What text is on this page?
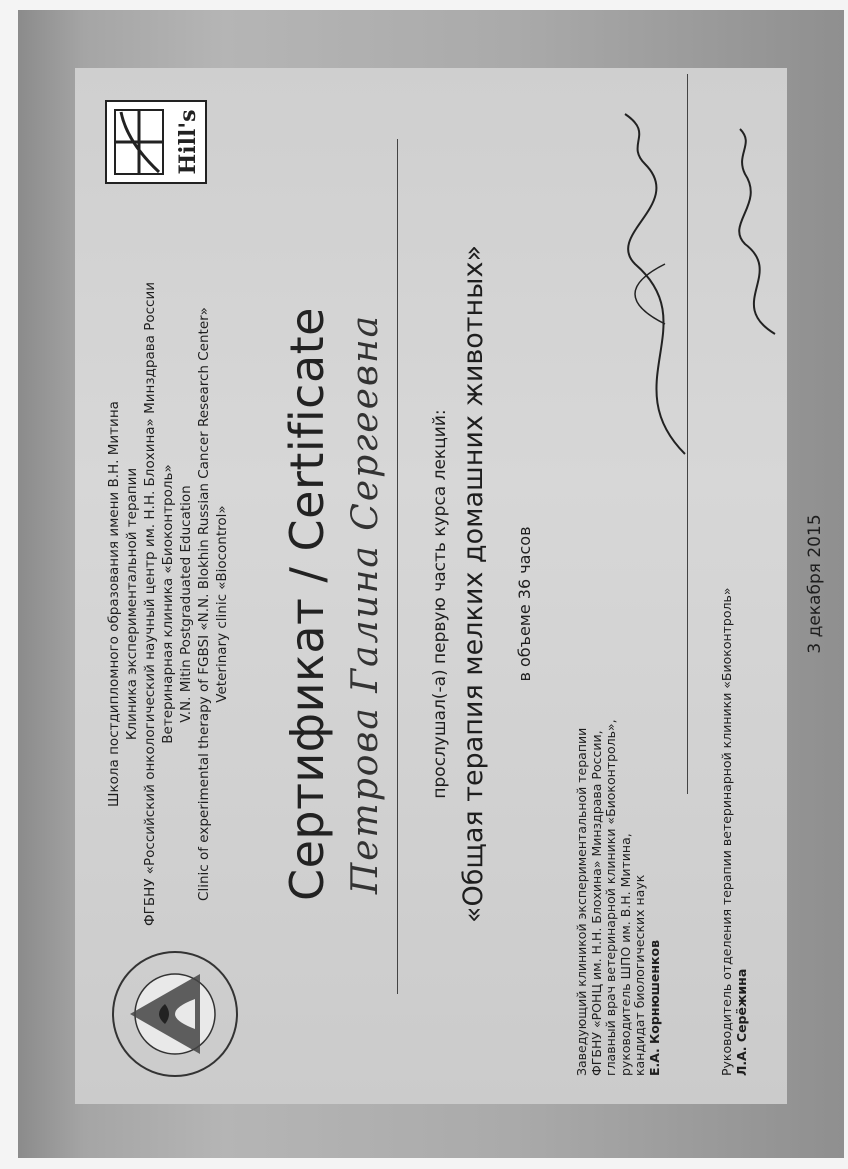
Hill's
Школа постдипломного образования имени В.Н. Митина Клиника экспериментальной терапии ФГБНУ «Российский онкологический научный центр им. Н.Н. Блохина» Минздрава России Ветеринарная клиника «Биоконтроль» V.N. Mitin Postgraduated Education Clinic of experimental therapy of FGBSI «N.N. Blokhin Russian Cancer Research Center» Veterinary clinic «Biocontrol» Сертификат / Certificate Петрова Галина Сергеевна	прослушал(-а) первую часть курса лекций: «Общая терапия мелких домашних животных» в объеме 36 часов
Заведующий клиникой экспериментальной терапии ФГБНУ «РОНЦ им. Н.Н. Блохина» Минздрава России, главный врач ветеринарной клиники «Биоконтроль», руководитель ШПО им. В.Н. Митина, кандидат биологических наук Е.А. Корнюшенков	Руководитель отделения терапии ветеринарной клиники «Биоконтроль» Л.А. Серёжина
3 декабря 2015
